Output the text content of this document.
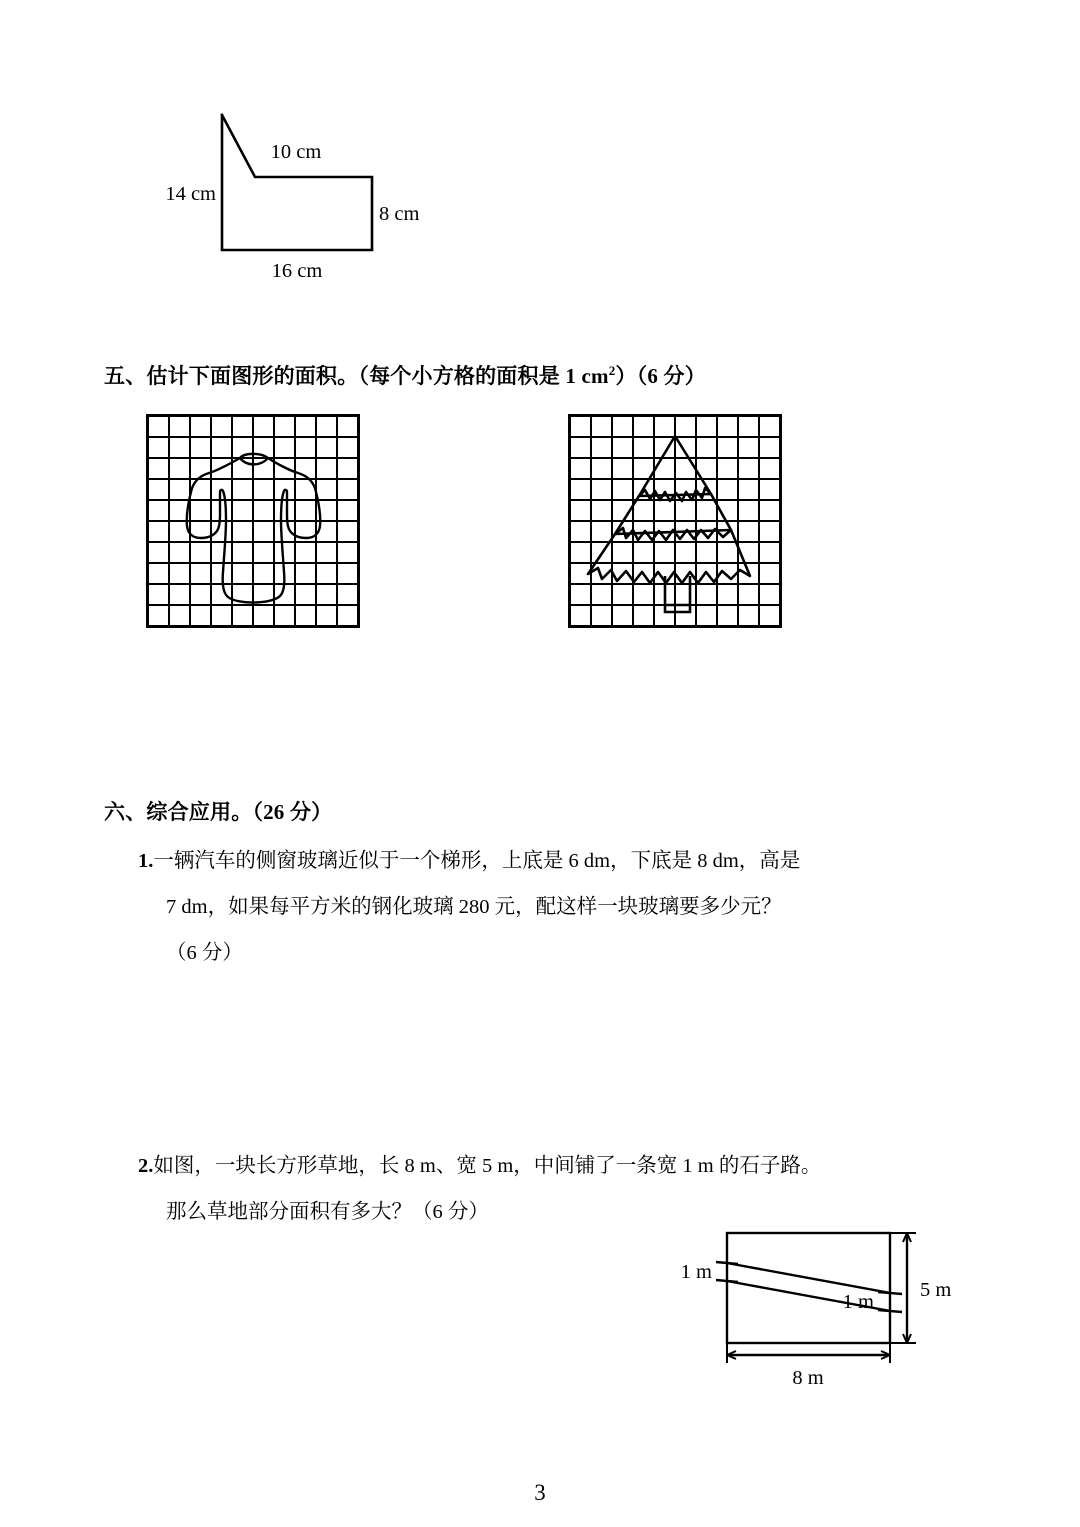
10 cm
14 cm
8 cm
16 cm
五、估计下面图形的面积。（每个小方格的面积是 1 $cm^2)(6$ 分）
六、综合应用。（26 分）
1.一辆汽车的侧窗玻璃近似于一个梯形，上底是 6 dm，下底是 8 dm，高是
7 dm，如果每平方米的钢化玻璃 280 元，配这样一块玻璃要多少元？
（6 分）
2.如图，一块长方形草地，长 8 m、宽 5 m，中间铺了一条宽 1 m 的石子路。
那么草地部分面积有多大？（6 分）
1 m
1 m
5 m
8 m
3
